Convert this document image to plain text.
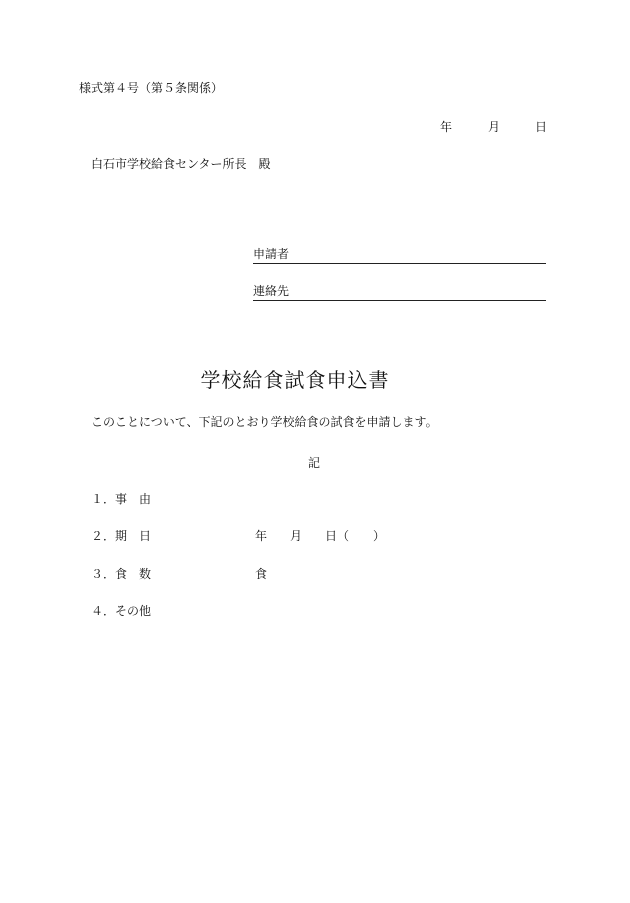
様式第４号（第５条関係）
年	月	日
白石市学校給食センター所長　殿
申請者
連絡先
学校給食試食申込書
このことについて、下記のとおり学校給食の試食を申請します。
記
１．事　由
２．期　日	年 月 日 （　　）
３．食　数	食
４．その他
